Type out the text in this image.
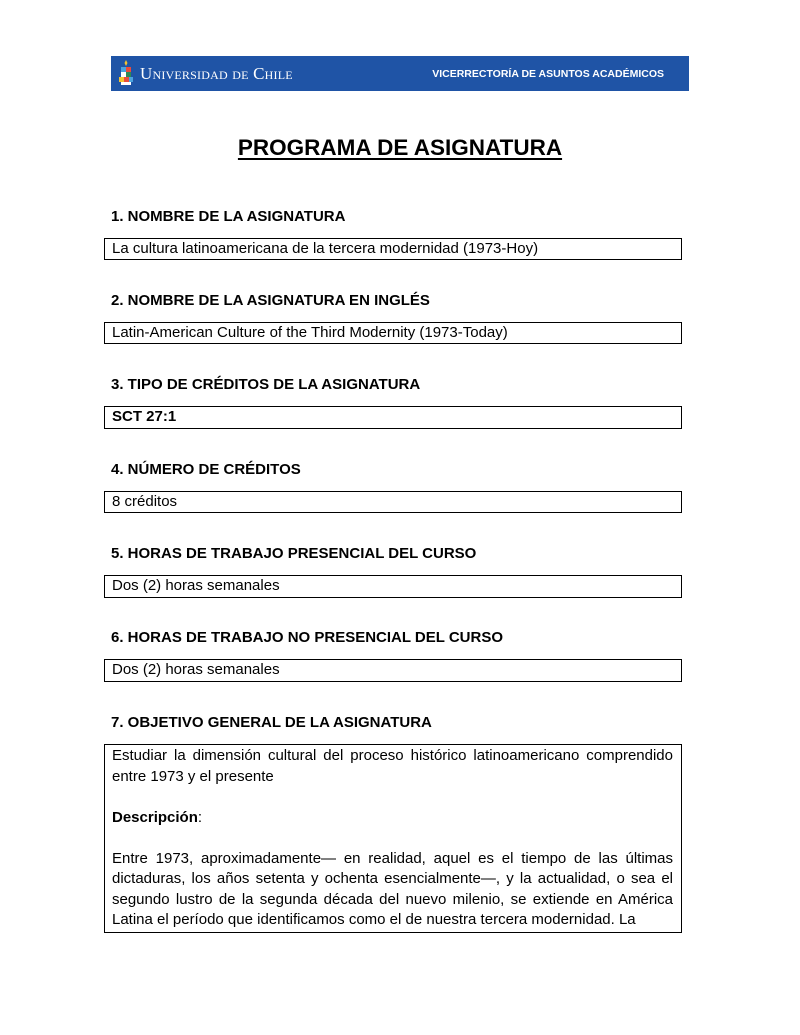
Universidad de Chile	VICERRECTORÍA DE ASUNTOS ACADÉMICOS
PROGRAMA DE ASIGNATURA
1. NOMBRE DE LA ASIGNATURA
La cultura latinoamericana de la tercera modernidad (1973-Hoy)
2. NOMBRE DE LA ASIGNATURA EN INGLÉS
Latin-American Culture of the Third Modernity (1973-Today)
3. TIPO DE CRÉDITOS DE LA ASIGNATURA
SCT 27:1
4. NÚMERO DE CRÉDITOS
8 créditos
5. HORAS DE TRABAJO PRESENCIAL DEL CURSO
Dos (2) horas semanales
6. HORAS DE TRABAJO NO PRESENCIAL DEL CURSO
Dos (2) horas semanales
7. OBJETIVO GENERAL DE LA ASIGNATURA

Estudiar la dimensión cultural del proceso histórico latinoamericano comprendido entre 1973 y el presente

Descripción:

Entre 1973, aproximadamente— en realidad, aquel es el tiempo de las últimas dictaduras, los años setenta y ochenta esencialmente—, y la actualidad, o sea el segundo lustro de la segunda década del nuevo milenio, se extiende en América Latina el período que identificamos como el de nuestra tercera modernidad. La
